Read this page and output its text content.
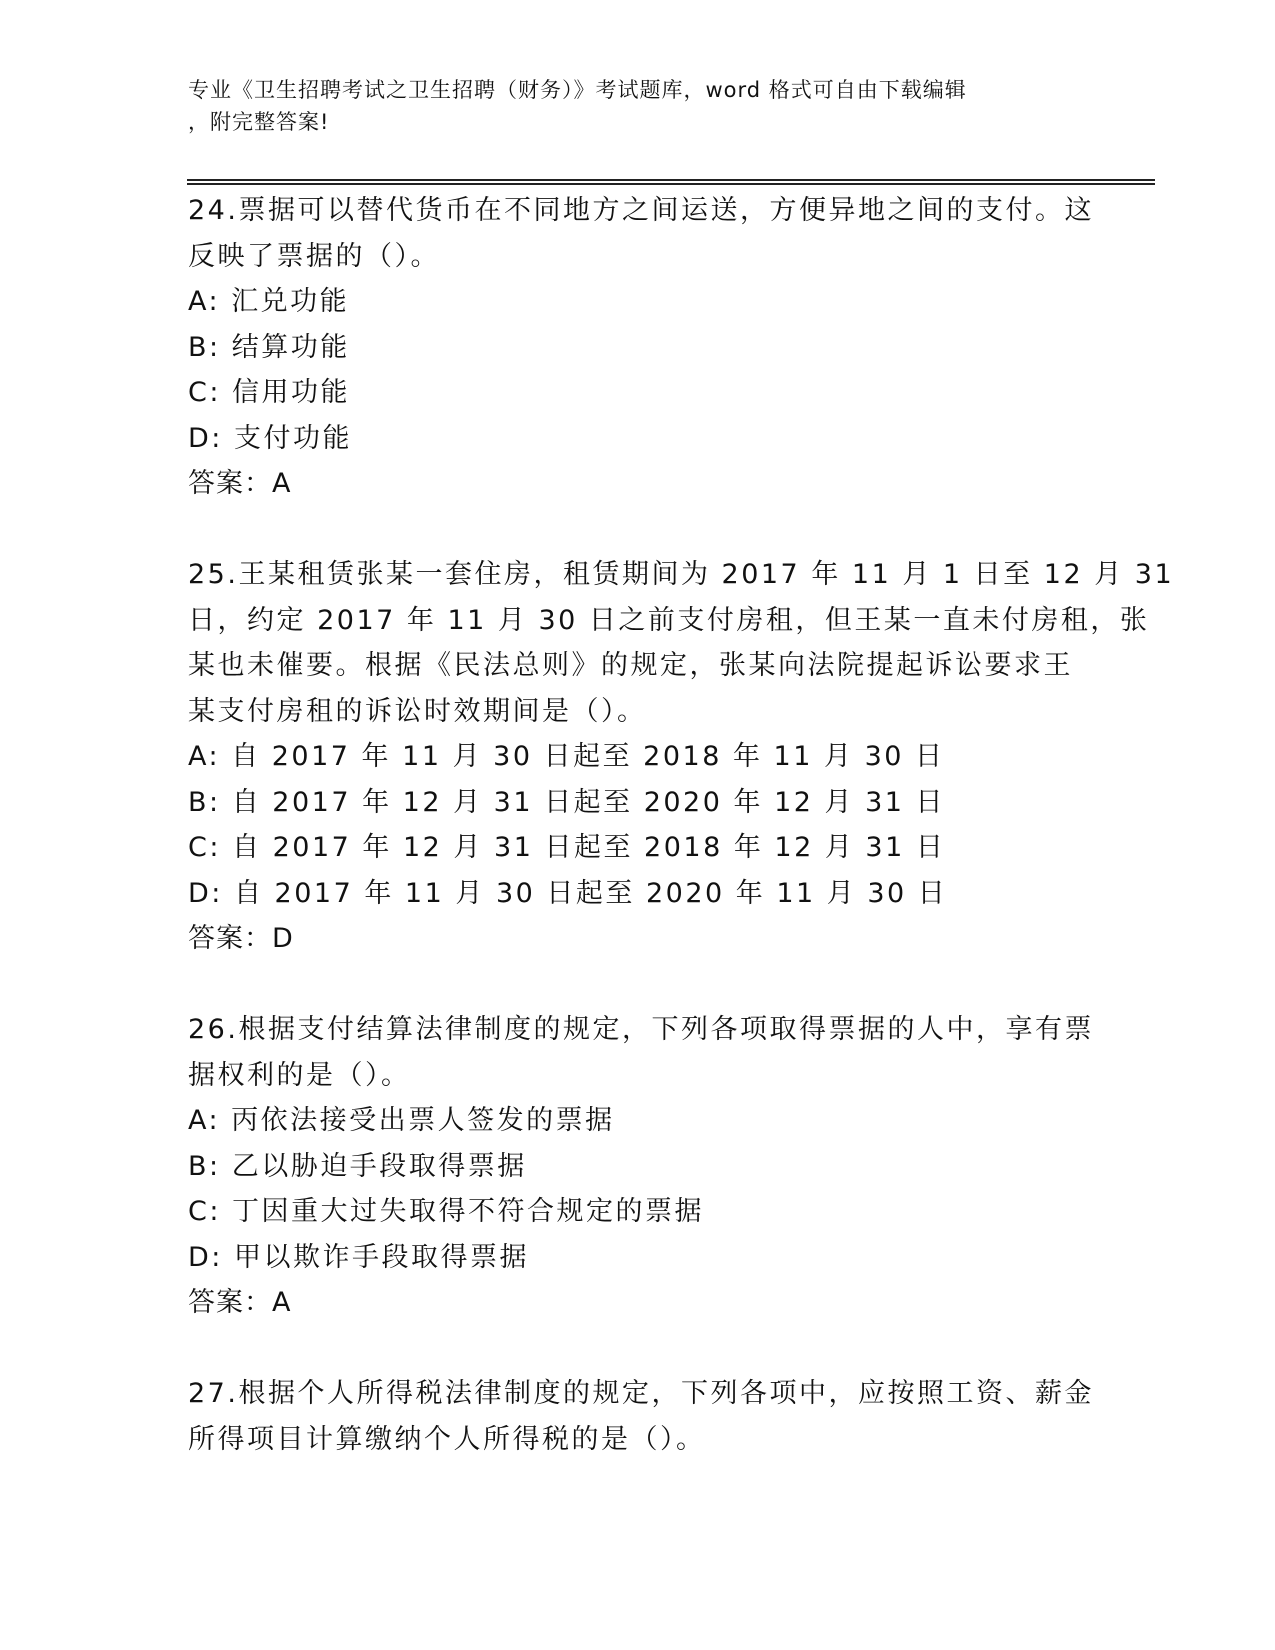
专业《卫生招聘考试之卫生招聘（财务）》考试题库，word 格式可自由下载编辑
，附完整答案!
24.票据可以替代货币在不同地方之间运送，方便异地之间的支付。这
反映了票据的（）。
A: 汇兑功能
B: 结算功能
C: 信用功能
D: 支付功能
答案：A
25.王某租赁张某一套住房，租赁期间为 2017 年 11 月 1 日至 12 月 31
日，约定 2017 年 11 月 30 日之前支付房租，但王某一直未付房租，张
某也未催要。根据《民法总则》的规定，张某向法院提起诉讼要求王
某支付房租的诉讼时效期间是（）。
A: 自 2017 年 11 月 30 日起至 2018 年 11 月 30 日
B: 自 2017 年 12 月 31 日起至 2020 年 12 月 31 日
C: 自 2017 年 12 月 31 日起至 2018 年 12 月 31 日
D: 自 2017 年 11 月 30 日起至 2020 年 11 月 30 日
答案：D
26.根据支付结算法律制度的规定，下列各项取得票据的人中，享有票
据权利的是（）。
A: 丙依法接受出票人签发的票据
B: 乙以胁迫手段取得票据
C: 丁因重大过失取得不符合规定的票据
D: 甲以欺诈手段取得票据
答案：A
27.根据个人所得税法律制度的规定，下列各项中，应按照工资、薪金
所得项目计算缴纳个人所得税的是（）。
